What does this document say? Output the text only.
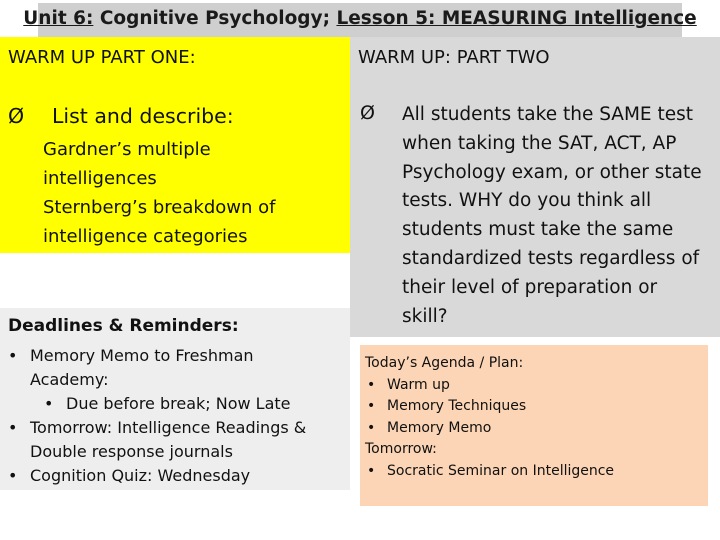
Unit 6: Cognitive Psychology; Lesson 5: MEASURING Intelligence
WARM UP PART ONE:
Ø List and describe:
Gardner’s multiple
intelligences
Sternberg’s breakdown of
intelligence categories
Deadlines & Reminders:
• Memory Memo to Freshman
Academy:
• Due before break; Now Late
• Tomorrow: Intelligence Readings &
Double response journals
• Cognition Quiz: Wednesday
WARM UP: PART TWO
Ø All students take the SAME test
when taking the SAT, ACT, AP
Psychology exam, or other state
tests. WHY do you think all
students must take the same
standardized tests regardless of
their level of preparation or
skill?
Today’s Agenda / Plan:
• Warm up
• Memory Techniques
• Memory Memo
Tomorrow:
• Socratic Seminar on Intelligence
